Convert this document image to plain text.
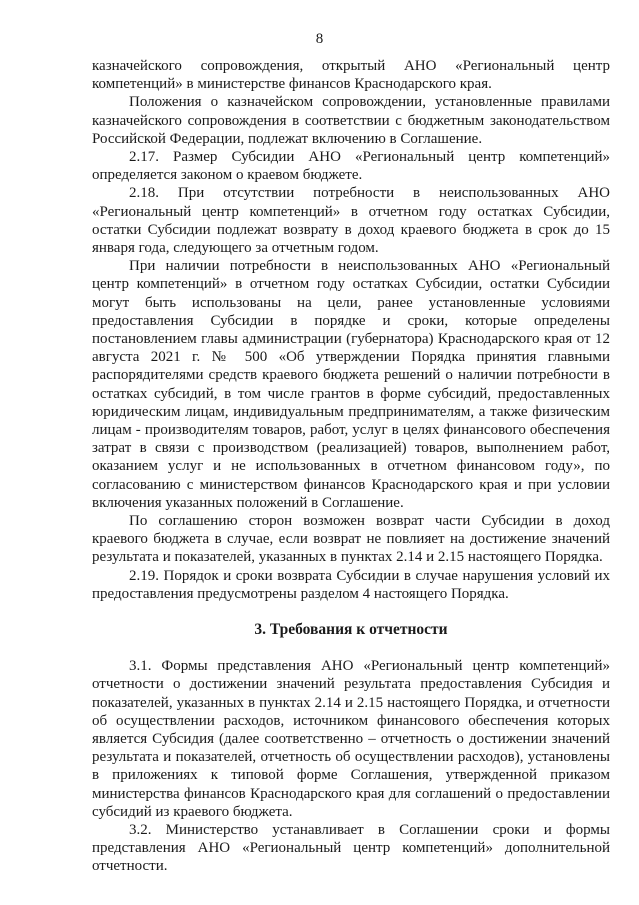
8

казначейского сопровождения, открытый АНО «Региональный центр компетенций» в министерстве финансов Краснодарского края.

Положения о казначейском сопровождении, установленные правилами казначейского сопровождения в соответствии с бюджетным законодательством Российской Федерации, подлежат включению в Соглашение.

2.17. Размер Субсидии АНО «Региональный центр компетенций» определяется законом о краевом бюджете.

2.18. При отсутствии потребности в неиспользованных АНО «Региональный центр компетенций» в отчетном году остатках Субсидии, остатки Субсидии подлежат возврату в доход краевого бюджета в срок до 15 января года, следующего за отчетным годом.

При наличии потребности в неиспользованных АНО «Региональный центр компетенций» в отчетном году остатках Субсидии, остатки Субсидии могут быть использованы на цели, ранее установленные условиями предоставления Субсидии в порядке и сроки, которые определены постановлением главы администрации (губернатора) Краснодарского края от 12 августа 2021 г. № 500 «Об утверждении Порядка принятия главными распорядителями средств краевого бюджета решений о наличии потребности в остатках субсидий, в том числе грантов в форме субсидий, предоставленных юридическим лицам, индивидуальным предпринимателям, а также физическим лицам - производителям товаров, работ, услуг в целях финансового обеспечения затрат в связи с производством (реализацией) товаров, выполнением работ, оказанием услуг и не использованных в отчетном финансовом году», по согласованию с министерством финансов Краснодарского края и при условии включения указанных положений в Соглашение.

По соглашению сторон возможен возврат части Субсидии в доход краевого бюджета в случае, если возврат не повлияет на достижение значений результата и показателей, указанных в пунктах 2.14 и 2.15 настоящего Порядка.

2.19. Порядок и сроки возврата Субсидии в случае нарушения условий их предоставления предусмотрены разделом 4 настоящего Порядка.

3. Требования к отчетности

3.1. Формы представления АНО «Региональный центр компетенций» отчетности о достижении значений результата предоставления Субсидия и показателей, указанных в пунктах 2.14 и 2.15 настоящего Порядка, и отчетности об осуществлении расходов, источником финансового обеспечения которых является Субсидия (далее соответственно – отчетность о достижении значений результата и показателей, отчетность об осуществлении расходов), установлены в приложениях к типовой форме Соглашения, утвержденной приказом министерства финансов Краснодарского края для соглашений о предоставлении субсидий из краевого бюджета.

3.2. Министерство устанавливает в Соглашении сроки и формы представления АНО «Региональный центр компетенций» дополнительной отчетности.
